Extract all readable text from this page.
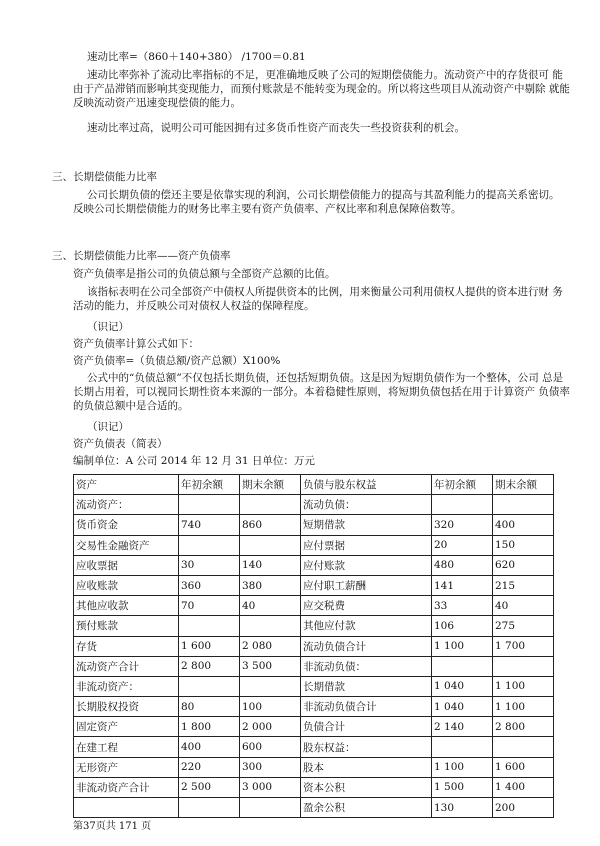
速动比率=（860＋140+380） /1700＝0.81
速动比率弥补了流动比率指标的不足，更准确地反映了公司的短期偿债能力。流动资产中的存货很可 能由于产品滞销而影响其变现能力，而预付账款是不能转变为现金的。所以将这些项目从流动资产中剔除 就能反映流动资产迅速变现偿债的能力。
速动比率过高，说明公司可能因拥有过多货币性资产而丧失一些投资获利的机会。
三、长期偿债能力比率
公司长期负债的偿还主要是依靠实现的利润，公司长期偿债能力的提高与其盈利能力的提高关系密切。 反映公司长期偿债能力的财务比率主要有资产负债率、产权比率和利息保障倍数等。
三、长期偿债能力比率——资产负债率
资产负债率是指公司的负债总额与全部资产总额的比值。
该指标表明在公司全部资产中债权人所提供资本的比例，用来衡量公司利用债权人提供的资本进行财 务活动的能力，并反映公司对债权人权益的保障程度。
（识记）
资产负债率计算公式如下：
资产负债率=（负债总额/资产总额）X100%
公式中的“负债总额”不仅包括长期负债，还包括短期负债。这是因为短期负债作为一个整体，公司 总是长期占用着，可以视同长期性资本来源的一部分。本着稳健性原则，将短期负债包括在用于计算资产 负债率的负债总额中是合适的。
（识记）
资产负债表（简表）
编制单位：A 公司 2014 年 12 月 31 日单位：万元
资产	年初余额	期末余额	负债与股东权益	年初余额	期末余额
流动资产：			流动负债：		
货币资金	740	860	短期借款	320	400
交易性金融资产			应付票据	20	150
应收票据	30	140	应付账款	480	620
应收账款	360	380	应付职工薪酬	141	215
其他应收款	70	40	应交税费	33	40
预付账款			其他应付款	106	275
存货	1 600	2 080	流动负债合计	1 100	1 700
流动资产合计	2 800	3 500	非流动负债：		
非流动资产：			长期借款	1 040	1 100
长期股权投资	80	100	非流动负债合计	1 040	1 100
固定资产	1 800	2 000	负债合计	2 140	2 800
在建工程	400	600	股东权益：		
无形资产	220	300	股本	1 100	1 600
非流动资产合计	2 500	3 000	资本公积	1 500	1 400
			盈余公积	130	200
第37页共 171 页
